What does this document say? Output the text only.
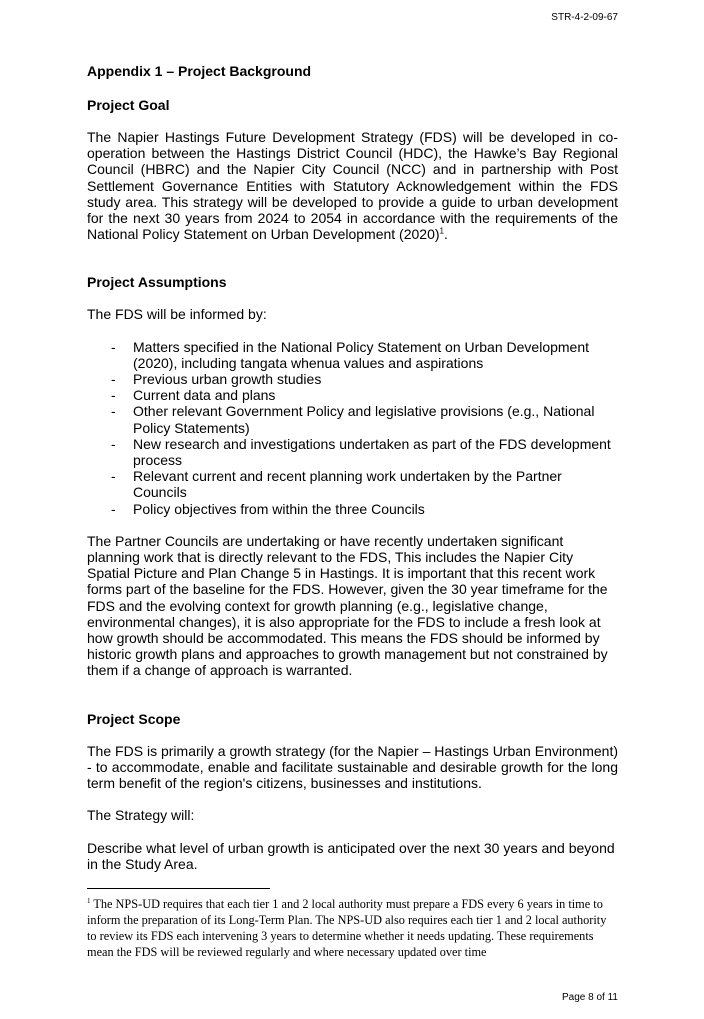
STR-4-2-09-67
Appendix 1 – Project Background
Project Goal

The Napier Hastings Future Development Strategy (FDS) will be developed in co-operation between the Hastings District Council (HDC), the Hawke’s Bay Regional Council (HBRC) and the Napier City Council (NCC) and in partnership with Post Settlement Governance Entities with Statutory Acknowledgement within the FDS study area. This strategy will be developed to provide a guide to urban development for the next 30 years from 2024 to 2054 in accordance with the requirements of the National Policy Statement on Urban Development $(2020)^1$.

Project Assumptions

The FDS will be informed by:

- Matters specified in the National Policy Statement on Urban Development (2020), including tangata whenua values and aspirations
- Previous urban growth studies
- Current data and plans
- Other relevant Government Policy and legislative provisions (e.g., National Policy Statements)
- New research and investigations undertaken as part of the FDS development process
- Relevant current and recent planning work undertaken by the Partner Councils
- Policy objectives from within the three Councils

The Partner Councils are undertaking or have recently undertaken significant planning work that is directly relevant to the FDS, This includes the Napier City Spatial Picture and Plan Change 5 in Hastings. It is important that this recent work forms part of the baseline for the FDS. However, given the 30 year timeframe for the FDS and the evolving context for growth planning (e.g., legislative change, environmental changes), it is also appropriate for the FDS to include a fresh look at how growth should be accommodated. This means the FDS should be informed by historic growth plans and approaches to growth management but not constrained by them if a change of approach is warranted.

Project Scope

The FDS is primarily a growth strategy (for the Napier – Hastings Urban Environment) - to accommodate, enable and facilitate sustainable and desirable growth for the long term benefit of the region's citizens, businesses and institutions.

The Strategy will:

Describe what level of urban growth is anticipated over the next 30 years and beyond in the Study Area.

$^1$ The NPS-UD requires that each tier 1 and 2 local authority must prepare a FDS every 6 years in time to inform the preparation of its Long-Term Plan. The NPS-UD also requires each tier 1 and 2 local authority to review its FDS each intervening 3 years to determine whether it needs updating. These requirements mean the FDS will be reviewed regularly and where necessary updated over time

Page 8 of 11
